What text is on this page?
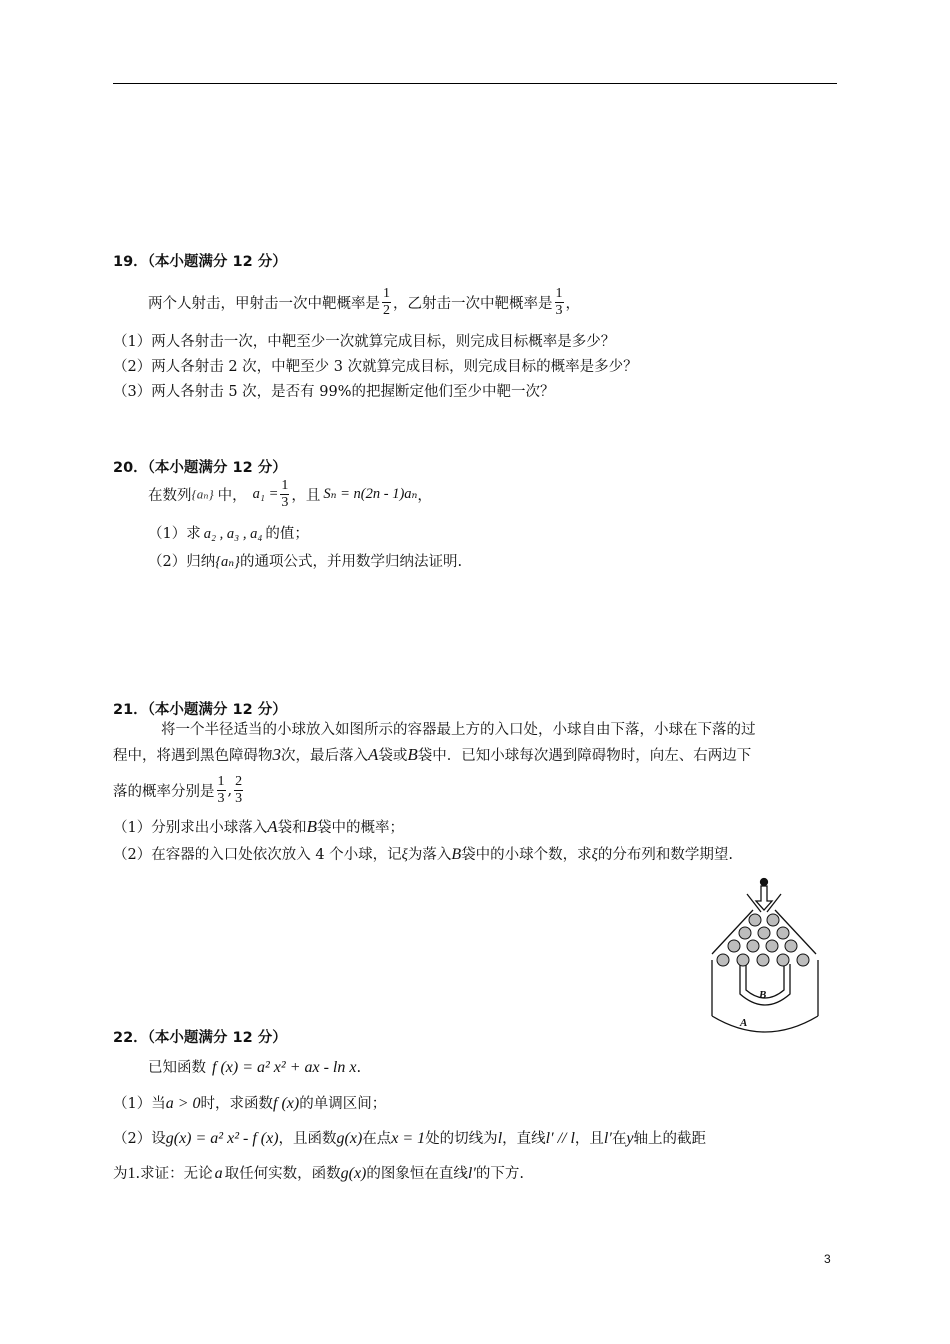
19．（本小题满分 12 分）
两个人射击，甲射击一次中靶概率是 $\frac{1}{2}$ ，乙射击一次中靶概率是 $\frac{1}{3}$ ，
（1）两人各射击一次，中靶至少一次就算完成目标，则完成目标概率是多少？
（2）两人各射击 2 次，中靶至少 3 次就算完成目标，则完成目标的概率是多少？
（3）两人各射击 5 次，是否有 99%的把握断定他们至少中靶一次？
20．（本小题满分 12 分）
在数列{aₙ} 中， $a_1 = \frac{1}{3}$ ，且 Sₙ = n(2n - 1)aₙ，
（1）求 a₂ , a₃ , a₄ 的值；
（2）归纳{aₙ}的通项公式，并用数学归纳法证明.
21．（本小题满分 12 分）
将一个半径适当的小球放入如图所示的容器最上方的入口处，小球自由下落，小球在下落的过
程中，将遇到黑色障碍物3次，最后落入A袋或B袋中．已知小球每次遇到障碍物时，向左、右两边下
落的概率分别是 $\frac{1}{3}$ , $\frac{2}{3}$
（1）分别求出小球落入A袋和B袋中的概率；
（2）在容器的入口处依次放入 4 个小球，记ξ为落入B袋中的小球个数，求ξ的分布列和数学期望.
B
A
22．（本小题满分 12 分）
已知函数 f (x) = a² x² + ax - ln x.
（1）当a > 0时，求函数f (x)的单调区间；
（2）设g(x) = a² x² - f (x)，且函数g(x)在点x = 1处的切线为l，直线l′ // l，且l′在y轴上的截距
为1.求证：无论 a 取任何实数，函数g(x)的图象恒在直线l′的下方.
3
